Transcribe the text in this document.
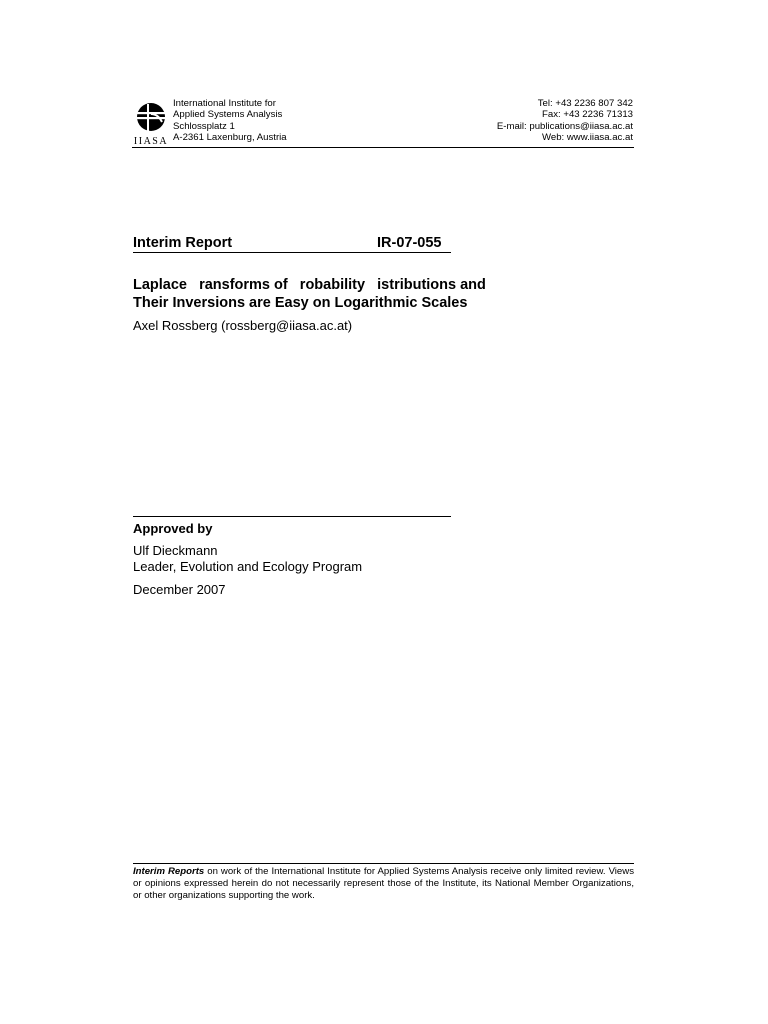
IIASA
International Institute for
Applied Systems Analysis
Schlossplatz 1
A-2361 Laxenburg, Austria
Tel: +43 2236 807 342
Fax: +43 2236 71313
E-mail: publications@iiasa.ac.at
Web: www.iiasa.ac.at
Interim Report	IR-07-055
Laplace   ransforms of   robability   istributions and
Their Inversions are Easy on Logarithmic Scales
Axel Rossberg (rossberg@iiasa.ac.at)
Approved by
Ulf Dieckmann
Leader, Evolution and Ecology Program
December 2007
Interim Reports on work of the International Institute for Applied Systems Analysis receive only limited review. Views or opinions expressed herein do not necessarily represent those of the Institute, its National Member Organizations, or other organizations supporting the work.
